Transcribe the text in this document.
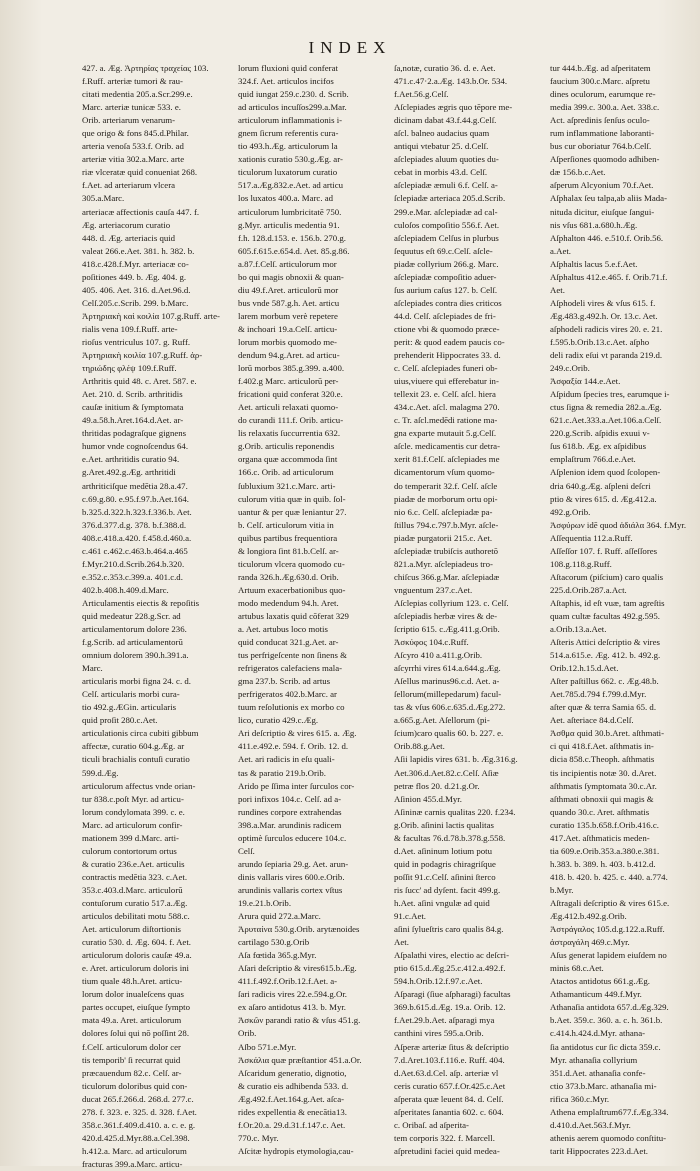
INDEX
427. a. Æg. Ἀρτηρίας τραχείας 103.
f.Ruff. arteriæ tumori & rau-
citati medentia 205.a.Scr.299.e.
Marc. arteriæ tunicæ 533. e.
Orib. arteriarum venarum-
que origo & fons 845.d.Philar.
arteria venoſa 533.f. Orib. ad
arteriæ vitia 302.a.Marc. arte
riæ vlceratæ quid conueniat 268.
f.Aet. ad arteriarum vlcera
305.a.Marc.
arteriacæ affectionis cauſa 447. f.
Æg. arteriacorum curatio
448. d. Æg. arteriacis quid
valeat 266.e.Aet. 381. h. 382. b.
418.c.428.f.Myr. arteriacæ co-
poſitiones 449. b. Æg. 404. g.
405. 406. Aet. 316. d.Aet.96.d.
Celſ.205.c.Scrib. 299. b.Marc.
Ἀρτηριακὴ καὶ κοιλία 107.g.Ruff. arte-
rialis vena 109.f.Ruff. arte-
rioſus ventriculus 107. g. Ruff.
Ἀρτηριακὴ κοιλία 107.g.Ruff. ἀρ-
τηριώδης φλέψ 109.f.Ruff.
Arthritis quid 48. c. Aret. 587. e.
Aet. 210. d. Scrib. arthritidis
cauſæ initium & ſymptomata
49.a.58.h.Aret.164.d.Aet. ar-
thritidas podagraſque gignens
humor vnde cognoſcendus 64.
e.Aet. arthritidis curatio 94.
g.Aret.492.g.Æg. arthritidi
arthriticiſque medētia 28.a.47.
c.69.g.80. e.95.f.97.b.Aet.164.
b.325.d.322.h.323.f.336.b. Aet.
376.d.377.d.g. 378. b.f.388.d.
408.c.418.a.420. f.458.d.460.a.
c.461 c.462.c.463.b.464.a.465
f.Myr.210.d.Scrib.264.b.320.
e.352.c.353.c.399.a. 401.c.d.
402.b.408.h.409.d.Marc.
Articulamentis eiectis & repoſitis
quid medeatur 228.g.Scr. ad
articulamentorum dolore 236.
f.g.Scrib. ad articulamentorū
omnium dolorem 390.h.391.a.
Marc.
articularis morbi figna 24. c. d.
Celſ. articularis morbi cura-
tio 492.g.ÆGin. articularis
quid proſit 280.c.Aet.
articulationis circa cubiti gibbum
affectæ, curatio 604.g.Æg. ar
ticuli brachialis contuſi curatio
599.d.Æg.
articulorum affectus vnde orian-
tur 838.c.poſt Myr. ad articu-
lorum condylomata 399. c. e.
Marc. ad articulorum confir-
mationem 399 d.Marc. arti-
culorum contortorum ortus
& curatio 236.e.Aet. articulis
contractis medētia 323. c.Aet.
353.c.403.d.Marc. articulorū
contuſorum curatio 517.a.Æg.
articulos debilitati motu 588.c.
Aet. articulorum diſtortionis
curatio 530. d. Æg. 604. f. Aet.
articulorum doloris cauſæ 49.a.
e. Aret. articulorum doloris ini
tium quale 48.h.Aret. articu-
lorum dolor inualeſcens quas
partes occupet, eiuſque ſympto
mata 49.a. Aret. articulorum
dolores ſolui qui nō poſſint 28.
f.Celſ. articulorum dolor cer
tis temporib' ſi recurrat quid
præcauendum 82.c. Celſ. ar-
ticulorum doloribus quid con-
ducat 265.f.266.d. 268.d. 277.c.
278. f. 323. e. 325. d. 328. f.Aet.
358.c.361.f.409.d.410. a. c. e. g.
420.d.425.d.Myr.88.a.Cel.398.
h.412.a. Marc. ad articulorum
fracturas 399.a.Marc. articu-
lorum fluxioni quid conferat
324.f. Aet. articulos incifos
quid iungat 259.c.230. d. Scrib.
ad articulos incuſſos299.a.Mar.
articulorum inflammationis i-
gnem ſicrum referentis cura-
tio 493.h.Æg. articulorum la
xationis curatio 530.g.Æg. ar-
ticulorum luxatorum curatio
517.a.Æg.832.e.Aet. ad articu
los luxatos 400.a. Marc. ad
articulorum lumbricitatē 750.
g.Myr. articulis medentia 91.
f.h. 128.d.153. e. 156.b. 270.g.
605.f.615.e.654.d. Aet. 85.g.86.
a.87.f.Celſ. articulorum mor
bo qui magis obnoxii & quan-
diu 49.f.Aret. articulorū mor
bus vnde 587.g.h. Aet. articu
larem morbum verè repetere
& inchoari 19.a.Celſ. articu-
lorum morbis quomodo me-
dendum 94.g.Aret. ad articu-
lorū morbos 385.g.399. a.400.
f.402.g Marc. articulorū per-
fricationi quid conferat 320.e.
Aet. articuli relaxati quomo-
do curandi 111.f. Orib. articu-
lis relaxatis ſuccurrentia 632.
g.Orib. articulis reponendis
organa quæ accommoda ſint
166.c. Orib. ad articulorum
ſubluxium 321.c.Marc. arti-
culorum vitia quæ in quib. ſol-
uantur & per quæ leniantur 27.
b. Celſ. articulorum vitia in
quibus partibus frequentiora
& longiora ſint 81.b.Celſ. ar-
ticulorum vlcera quomodo cu-
randa 326.h.Æg.630.d. Orib.
Artuum exacerbationibus quo-
modo medendum 94.h. Aret.
artubus laxatis quid cōferat 329
a. Aet. artubus loco motis
quid conducat 321.g.Aet. ar-
tus perfrigeſcente non ſinens &
refrigeratos calefaciens mala-
gma 237.b. Scrib. ad artus
perfrigeratos 402.b.Marc. ar
tuum reſolutionis ex morbo co
lico, curatio 429.c.Æg.
Ari deſcriptio & vires 615. a. Æg.
411.e.492.e. 594. f. Orib. 12. d.
Aet. ari radicis in eſu quali-
tas & paratio 219.b.Orib.
Arido pe ſſima inter ſurculos cor-
pori infixos 104.c. Celſ. ad a-
rundines corpore extrahendas
398.a.Mar. arundinis radicem
optimè ſurculos educere 104.c.
Celſ.
arundo ſepiaria 29.g. Aet. arun-
dinis vallaris vires 600.e.Orib.
arundinis vallaris cortex vſtus
19.e.21.b.Orib.
Arura quid 272.a.Marc.
Ἀρυταίνα 530.g.Orib. arytænoides
cartilago 530.g.Orib
Aſa fœtida 365.g.Myr.
Aſari deſcriptio & vires615.b.Æg.
411.f.492.f.Orib.12.f.Aet. a-
ſari radicis vires 22.e.594.g.Or.
ex aſaro antidotus 413. b. Myr.
Ἀσκῶν parandi ratio & vſus 451.g.
Orib.
Aſbo 571.e.Myr.
Ἀσκάλια quæ præſtantior 451.a.Or.
Aſcaridum generatio, dignotio,
& curatio eis adhibenda 533. d.
Æg.492.f.Aet.164.g.Aet. aſca-
rides expellentia & enecātia13.
f.Or.20.a. 29.d.31.f.147.c. Aet.
770.c. Myr.
Aſcitæ hydropis etymologia,cau-
ſa,notæ, curatio 36. d. e. Aet.
471.c.47·2.a.Æg. 143.b.Or. 534.
f.Aet.56.g.Celſ.
Aſclepiades ægris quo tēpore me-
dicinam dabat 43.f.44.g.Celſ.
aſcl. balneo audacius quam
antiqui vtebatur 25. d.Celſ.
aſclepiades aluum quoties du-
cebat in morbis 43.d. Celſ.
aſclepiadæ æmuli 6.f. Celſ. a-
ſclepiadæ arteriaca 205.d.Scrib.
299.e.Mar. aſclepiadæ ad cal-
culoſos compoſitio 556.f. Aet.
aſclepiadem Celſus in plurbus
ſequutus eſt 69.c.Celſ. aſcle-
piadæ collyrium 266.g. Marc.
aſclepiadæ compoſitio aduer-
ſus aurium caſus 127. b. Celſ.
aſclepiades contra dies criticos
44.d. Celſ. aſclepiades de fri-
ctione vbi & quomodo præce-
perit: & quod eadem paucis co-
prehenderit Hippocrates 33. d.
c. Celſ. aſclepiades funeri ob-
uius,viuere qui efferebatur in-
tellexit 23. e. Celſ. aſcl. hiera
434.c.Aet. aſcl. malagma 270.
c. Tr. aſcl.medēdi ratione ma-
gna exparte mutauit 5.g.Celſ.
aſcle. medicamentis cur detra-
xerit 81.f.Celſ. aſclepiades me
dicamentorum vſum quomo-
do temperarit 32.f. Celſ. aſcle
piadæ de morborum ortu opi-
nio 6.c. Celſ. aſclepiadæ pa-
ſtillus 794.c.797.b.Myr. aſcle-
piadæ purgatorii 215.c. Aet.
aſclepiadæ trubiſcis authoretō
821.a.Myr. aſclepiadeus tro-
chiſcus 366.g.Mar. aſclepiadæ
vnguentum 237.c.Aet.
Aſclepias collyrium 123. c. Celſ.
aſclepiadis herbæ vires & de-
ſcriptio 615. c.Æg.411.g.Orib.
Ἀσκύφος 104.c.Ruff.
Aſcyro 410 a.411.g.Orib.
aſcyrrhi vires 614.a.644.g.Æg.
Aſellus marinus96.c.d. Aet. a-
ſellorum(millepedarum) facul-
tas & vſus 606.c.635.d.Æg.272.
a.665.g.Aet. Aſellorum (pi-
ſcium)caro qualis 60. b. 227. e.
Orib.88.g.Aet.
Aſii lapidis vires 631. b. Æg.316.g.
Aet.306.d.Aet.82.c.Celſ. Aſiæ
petræ flos 20. d.21.g.Or.
Aſinion 455.d.Myr.
Aſininæ carnis qualitas 220. f.234.
g.Orib. aſinini lactis qualitas
& facultas 76.d.78.b.378.g.558.
d.Aet. aſininum lotium potu
quid in podagris chiragriſque
poſſit 91.c.Celſ. aſinini ſterco
ris ſucc' ad dyſent. facit 499.g.
h.Aet. aſini vngulæ ad quid
91.c.Aet.
aſini ſylueſtris caro qualis 84.g.
Aet.
Aſpalathi vires, electio ac deſcri-
ptio 615.d.Æg.25.c.412.a.492.f.
594.h.Orib.12.f.97.c.Aet.
Aſparagi (ſiue aſpharagi) facultas
369.b.615.d.Æg. 19.a. Orib. 12.
f.Aet.29.b.Aet. aſparagi mya
canthini vires 595.a.Orib.
Aſperæ arteriæ ſitus & deſcriptio
7.d.Aret.103.f.116.e. Ruff. 404.
d.Aet.63.d.Cel. aſp. arteriæ vl
ceris curatio 657.f.Or.425.c.Aet
aſperata quæ leuent 84. d. Celſ.
aſperitates ſanantia 602. c. 604.
c. Oribaſ. ad aſperita-
tem corporis 322. f. Marcell.
aſpretudini faciei quid medea-
tur 444.b.Æg. ad aſperitatem
faucium 300.c.Marc. aſpretu
dines oculorum, earumque re-
media 399.c. 300.a. Aet. 338.c.
Act. aſpredinis ſenſus oculo-
rum inflammatione laboranti-
bus cur oboriatur 764.b.Celſ.
Aſperſiones quomodo adhiben-
dæ 156.b.c.Aet.
aſperum Alcyonium 70.f.Aet.
Aſphalax ſeu talpa,ab aliis Mada-
nituda dicitur, eiuſque ſangui-
nis vſus 681.a.680.h.Æg.
Aſphalton 446. e.510.f. Orib.56.
a.Aet.
Aſphaltis lacus 5.e.f.Aet.
Aſphaltus 412.e.465. f. Orib.71.f.
Aet.
Aſphodeli vires & vſus 615. f.
Æg.483.g.492.h. Or. 13.c. Aet.
aſphodeli radicis vires 20. e. 21.
f.595.b.Orib.13.c.Aet. aſpho
deli radix eſui vt paranda 219.d.
249.c.Orib.
Ἀσφαξία 144.e.Aet.
Aſpidum ſpecies tres, earumque i-
ctus ſigna & remedia 282.a.Æg.
621.c.Aet.333.a.Aet.106.a.Celſ.
220.g.Scrib. aſpidis exuui v-
ſus 618.b. Æg. ex aſpidibus
emplaſtrum 766.d.e.Aet.
Aſplenion idem quod ſcolopen-
dria 640.g.Æg. aſpleni deſcri
ptio & vires 615. d. Æg.412.a.
492.g.Orib.
Ἀσφύρων idē quod ἀδιάλα 364. f.Myr.
Aſſequentia 112.a.Ruff.
Aſſeſſor 107. f. Ruff. aſſeſſores
108.g.118.g.Ruff.
Aſtacorum (piſcium) caro qualis
225.d.Orib.287.a.Act.
Aſtaphis, id eſt vuæ, tam agreſtis
quam cultæ facultas 492.g.595.
a.Orib.13.a.Aet.
Aſteris Attici deſcriptio & vires
514.a.615.e. Æg. 412. b. 492.g.
Orib.12.h.15.d.Aet.
Aſter paſtillus 662. c. Æg.48.b.
Aet.785.d.794 f.799.d.Myr.
aſter quæ & terra Samia 65. d.
Aet. aſteriace 84.d.Celſ.
Ἀσθμα quid 30.b.Aret. aſthmati-
ci qui 418.f.Aet. aſthmatis in-
dicia 858.c.Theoph. aſthmatis
tis incipientis notæ 30. d.Aret.
aſthmatis ſymptomata 30.c.Ar.
aſthmati obnoxii qui magis &
quando 30.c. Aret. aſthmatis
curatio 135.b.658.f.Orib.416.c.
417.Aet. aſthmaticis meden-
tia 609.e.Orib.353.a.380.e.381.
h.383. b. 389. h. 403. b.412.d.
418. b. 420. b. 425. c. 440. a.774.
b.Myr.
Aſtragali deſcriptio & vires 615.e.
Æg.412.b.492.g.Orib.
Ἀστράγαλος 105.d.g.122.a.Ruff.
ἀστραγάλη 469.c.Myr.
Aſus generat lapidem eiuſdem no
minis 68.c.Aet.
Atactos antidotus 661.g.Æg.
Athamanticum 449.f.Myr.
Athanaſia antidota 657.d.Æg.329.
b.Aet. 359.c. 360. a. c. h. 361.b.
c.414.h.424.d.Myr. athana-
ſia antidotus cur ſic dicta 359.c.
Myr. athanaſia collyrium
351.d.Aet. athanaſia confe-
ctio 373.b.Marc. athanaſia mi-
rifica 360.c.Myr.
Athena emplaſtrum677.f.Æg.334.
d.410.d.Aet.563.f.Myr.
athenis aerem quomodo conſtitu-
tarit Hippocrates 223.d.Aet.
